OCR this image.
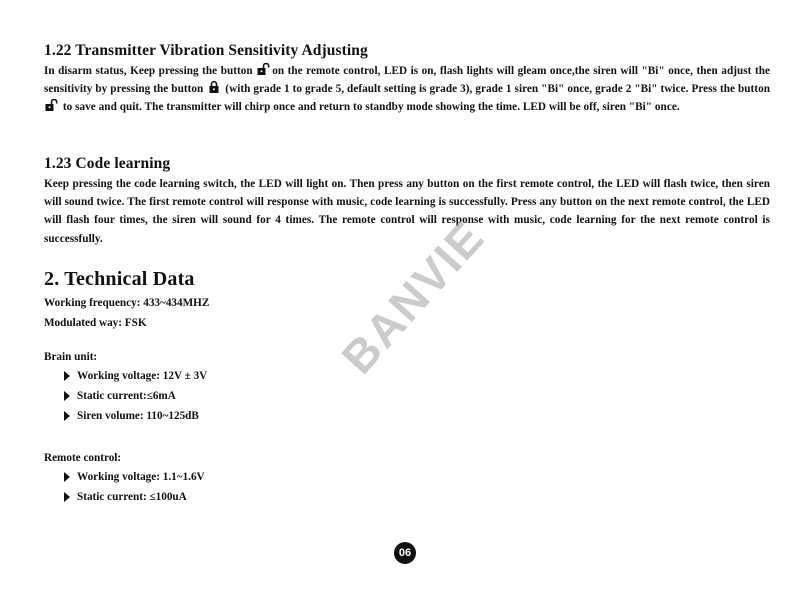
1.22 Transmitter Vibration Sensitivity Adjusting

In disarm status, Keep pressing the button
on the remote control, LED is on, flash lights will gleam once,the siren will "Bi" once, then adjust the sensitivity by pressing the button
(with grade 1 to grade 5, default setting is grade 3), grade 1 siren "Bi" once, grade 2 "Bi" twice. Press the button
to save and quit. The transmitter will chirp once and return to standby mode showing the time. LED will be off, siren "Bi" once.

1.23 Code learning

Keep pressing the code learning switch, the LED will light on. Then press any button on the first remote control, the LED will flash twice, then siren will sound twice. The first remote control will response with music, code learning is successfully. Press any button on the next remote control, the LED will flash four times, the siren will sound for 4 times. The remote control will response with music, code learning for the next remote control is successfully.

2. Technical Data

Working frequency: 433~434MHZ

Modulated way: FSK

Brain unit:

Working voltage: 12V ± 3V
Static current:≤6mA
Siren volume: 110~125dB

Remote control:

Working voltage: 1.1~1.6V
Static current: ≤100uA
BANVIE
06
